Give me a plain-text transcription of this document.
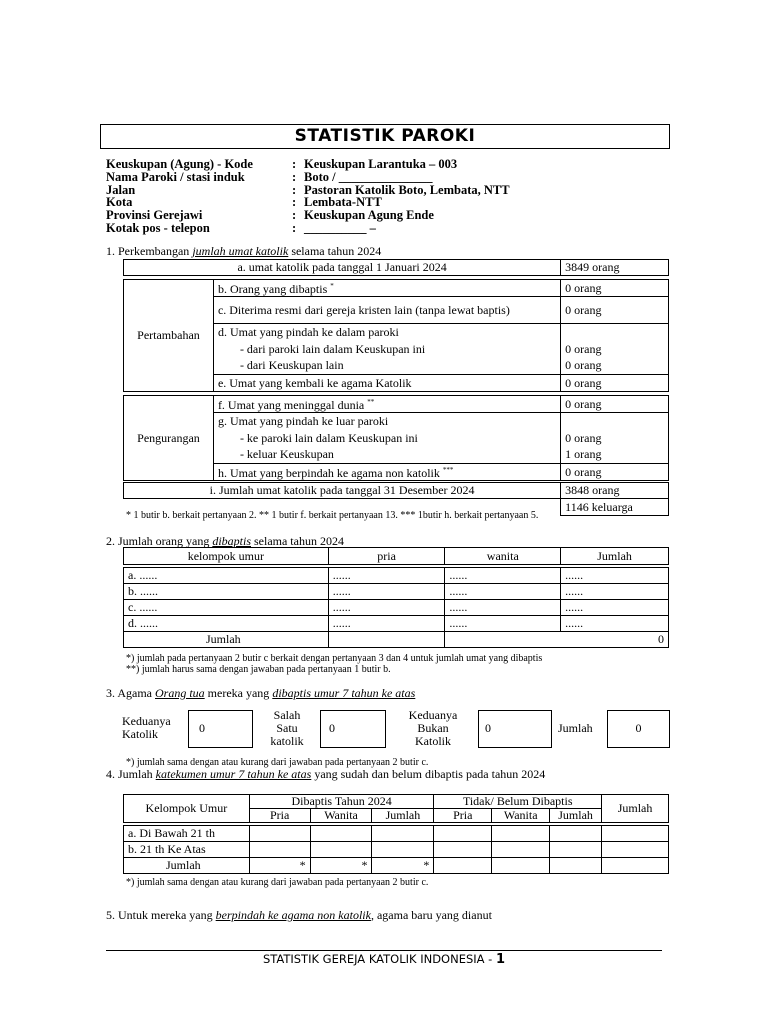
STATISTIK PAROKI
Keuskupan (Agung) - Kode	: Keuskupan Larantuka – 003
Nama Paroki / stasi induk	: Boto / _______________
Jalan	: Pastoran Katolik Boto, Lembata, NTT
Kota	: Lembata-NTT
Provinsi Gerejawi	: Keuskupan Agung Ende
Kotak pos - telepon	: __________ –
1. Perkembangan jumlah umat katolik selama tahun 2024
a. umat katolik pada tanggal 1 Januari 2024		3849 orang

Pertambahan	b. Orang yang dibaptis *	0 orang
	c. Diterima resmi dari gereja kristen lain (tanpa lewat baptis)	0 orang
	d. Umat yang pindah ke dalam paroki	
	- dari paroki lain dalam Keuskupan ini	0 orang
	- dari Keuskupan lain	0 orang
	e. Umat yang kembali ke agama Katolik	0 orang

Pengurangan	f. Umat yang meninggal dunia **	0 orang
	g. Umat yang pindah ke luar paroki	
	- ke paroki lain dalam Keuskupan ini	0 orang
	- keluar Keuskupan	1 orang
	h. Umat yang berpindah ke agama non katolik ***	0 orang

i. Jumlah umat katolik pada tanggal 31 Desember 2024		3848 orang
		1146 keluarga
* 1 butir b. berkait pertanyaan 2. ** 1 butir f. berkait pertanyaan 13. *** 1butir h. berkait pertanyaan 5.
2. Jumlah orang yang dibaptis selama tahun 2024
kelompok umur	pria	wanita	Jumlah

a. ......	......	......	......
b. ......	......	......	......
c. ......	......	......	......
d. ......	......	......	......
Jumlah		0	
*) jumlah pada pertanyaan 2 butir c berkait dengan pertanyaan 3 dan 4 untuk jumlah umat yang dibaptis
**) jumlah harus sama dengan jawaban pada pertanyaan 1 butir b.
3. Agama Orang tua mereka yang dibaptis umur 7 tahun ke atas
Keduanya
Katolik	0
Salah
Satu
katolik
0
Keduanya
Bukan
Katolik
0	Jumlah	0
*) jumlah sama dengan atau kurang dari jawaban pada pertanyaan 2 butir c.
4. Jumlah katekumen umur 7 tahun ke atas yang sudah dan belum dibaptis pada tahun 2024
Kelompok Umur	Dibaptis Tahun 2024			Tidak/ Belum Dibaptis			Jumlah
	Pria	Wanita	Jumlah	Pria	Wanita	Jumlah	

a. Di Bawah 21 th							
b. 21 th Ke Atas							
Jumlah	*	*	*				
*) jumlah sama dengan atau kurang dari jawaban pada pertanyaan 2 butir c.
5. Untuk mereka yang berpindah ke agama non katolik, agama baru yang dianut
STATISTIK GEREJA KATOLIK INDONESIA - 1
